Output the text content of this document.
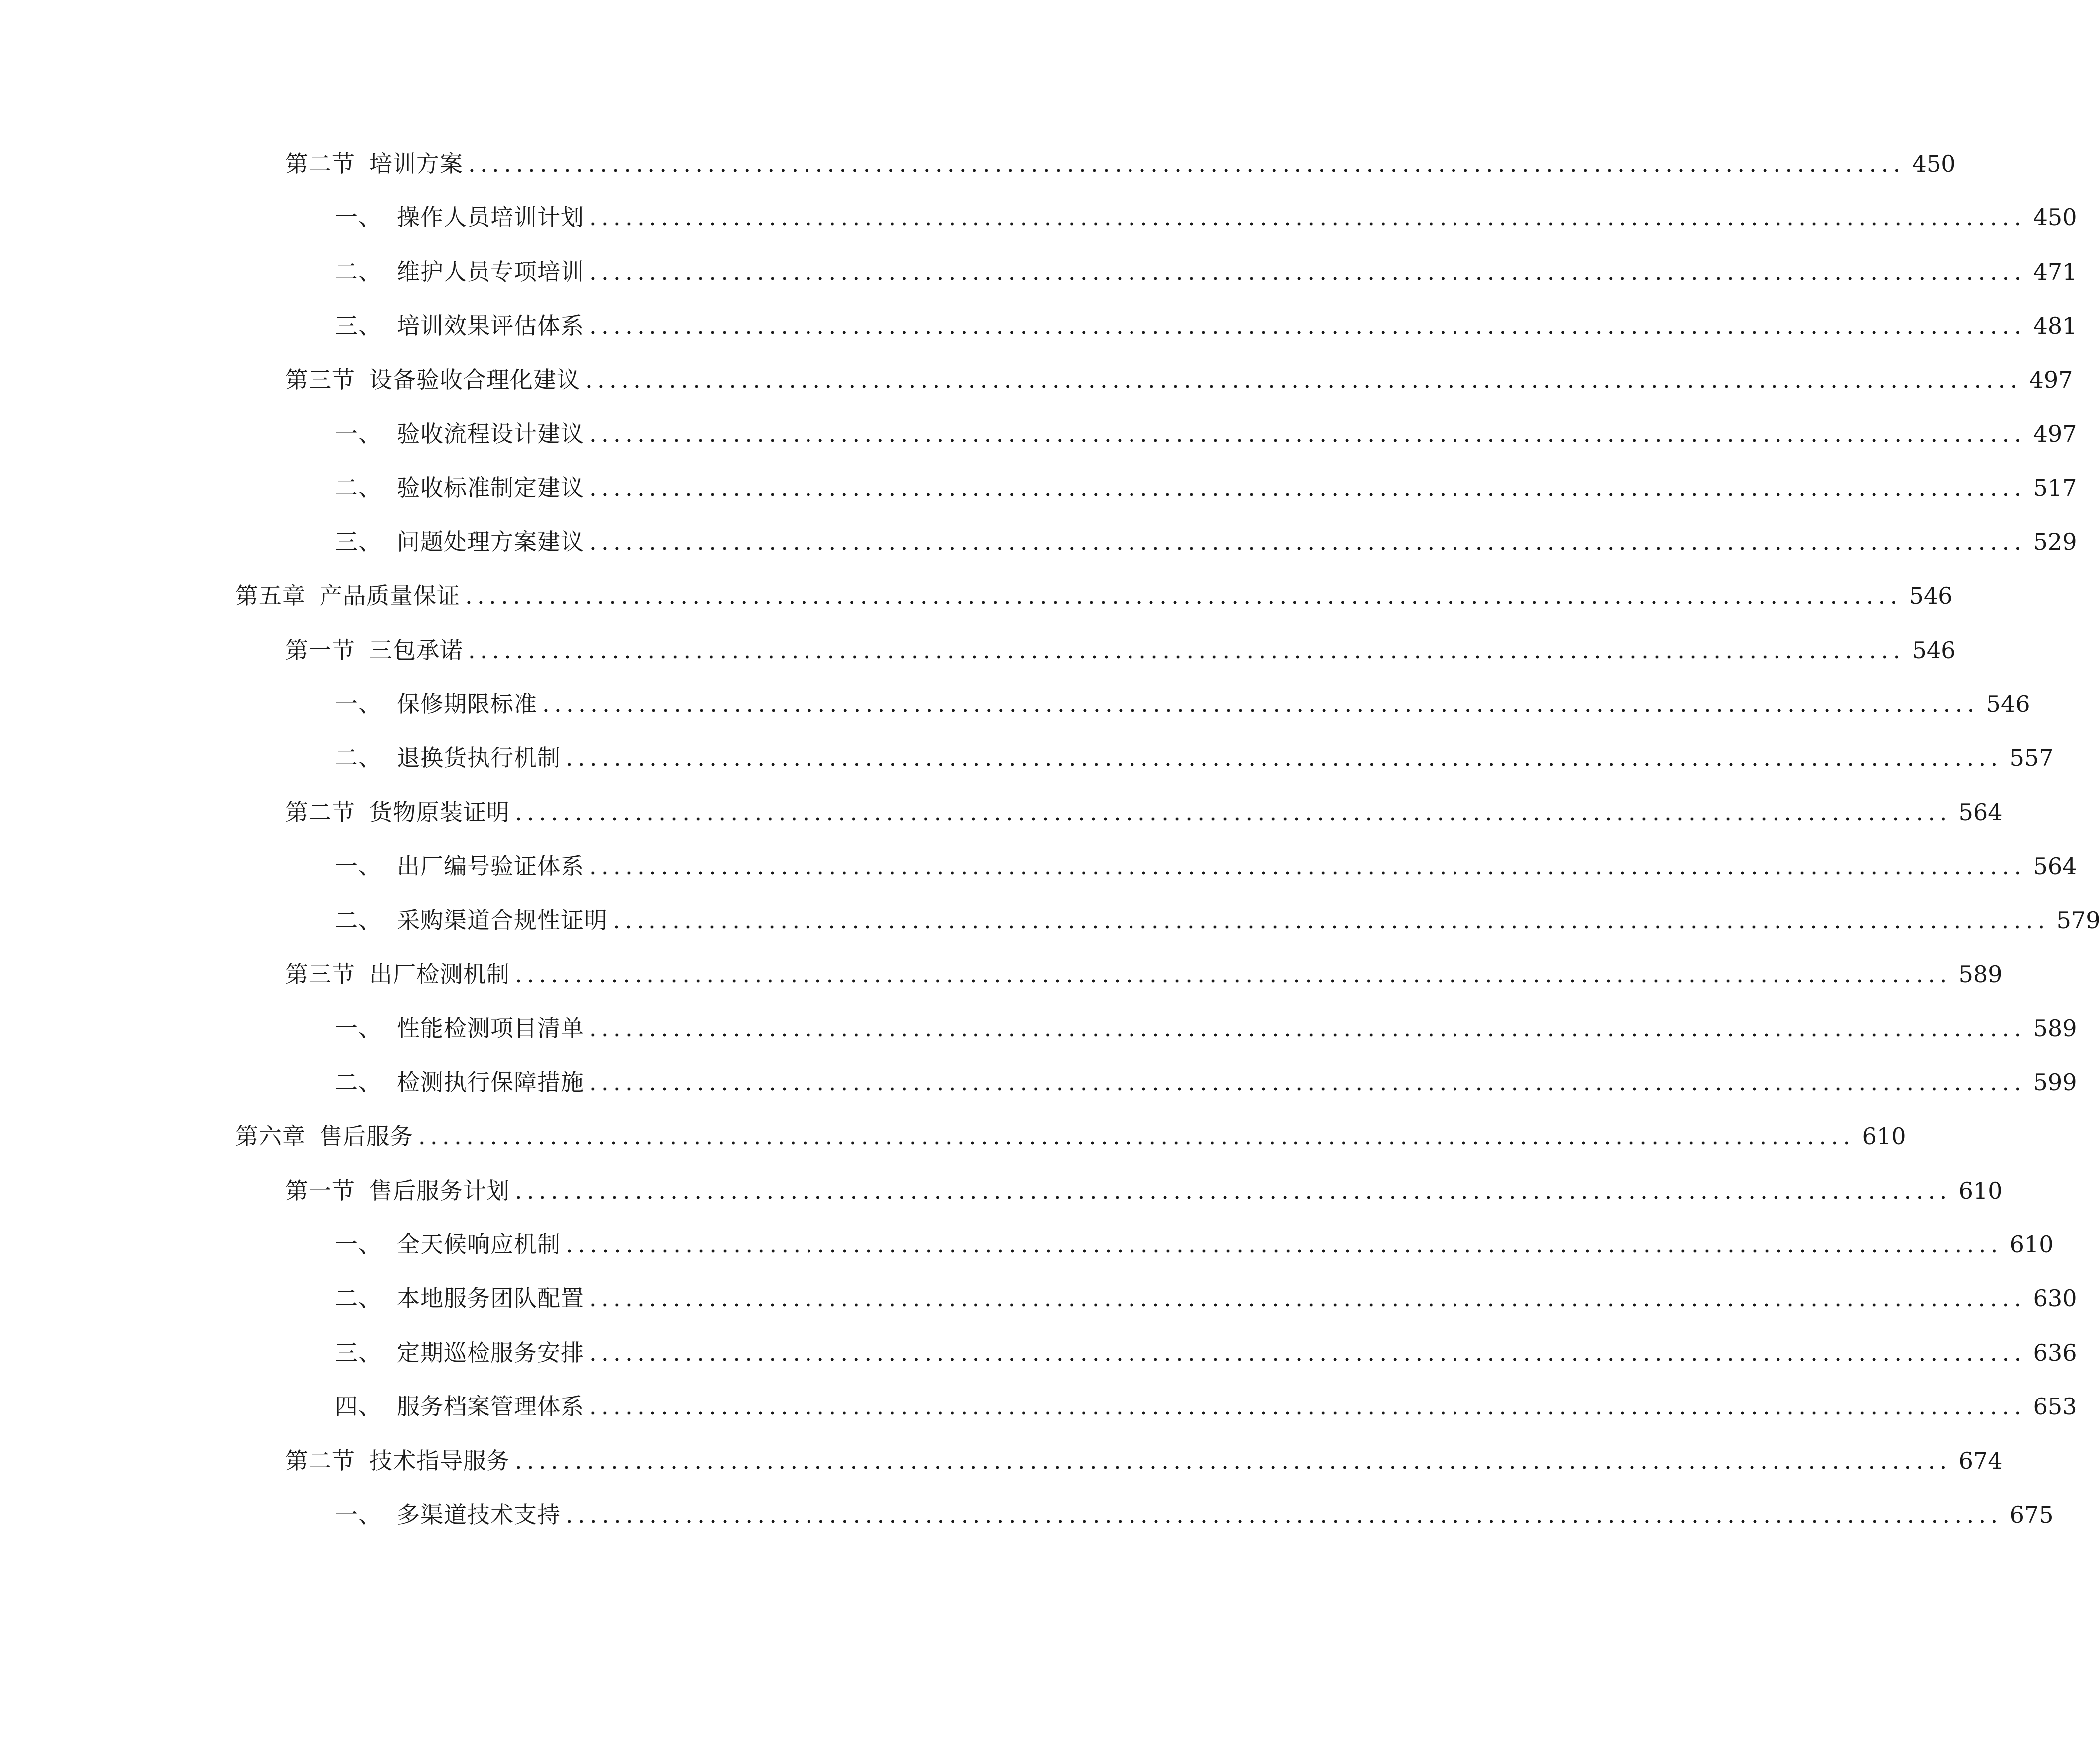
第二节 培训方案 ........................................................................................................................ 450
一、 操作人员培训计划 ........................................................................................................................ 450
二、 维护人员专项培训 ........................................................................................................................ 471
三、 培训效果评估体系 ........................................................................................................................ 481
第三节 设备验收合理化建议 ........................................................................................................................ 497
一、 验收流程设计建议 ........................................................................................................................ 497
二、 验收标准制定建议 ........................................................................................................................ 517
三、 问题处理方案建议 ........................................................................................................................ 529
第五章 产品质量保证 ........................................................................................................................ 546
第一节 三包承诺 ........................................................................................................................ 546
一、 保修期限标准 ........................................................................................................................ 546
二、 退换货执行机制 ........................................................................................................................ 557
第二节 货物原装证明 ........................................................................................................................ 564
一、 出厂编号验证体系 ........................................................................................................................ 564
二、 采购渠道合规性证明 ........................................................................................................................ 579
第三节 出厂检测机制 ........................................................................................................................ 589
一、 性能检测项目清单 ........................................................................................................................ 589
二、 检测执行保障措施 ........................................................................................................................ 599
第六章 售后服务 ........................................................................................................................ 610
第一节 售后服务计划 ........................................................................................................................ 610
一、 全天候响应机制 ........................................................................................................................ 610
二、 本地服务团队配置 ........................................................................................................................ 630
三、 定期巡检服务安排 ........................................................................................................................ 636
四、 服务档案管理体系 ........................................................................................................................ 653
第二节 技术指导服务 ........................................................................................................................ 674
一、 多渠道技术支持 ........................................................................................................................ 675
